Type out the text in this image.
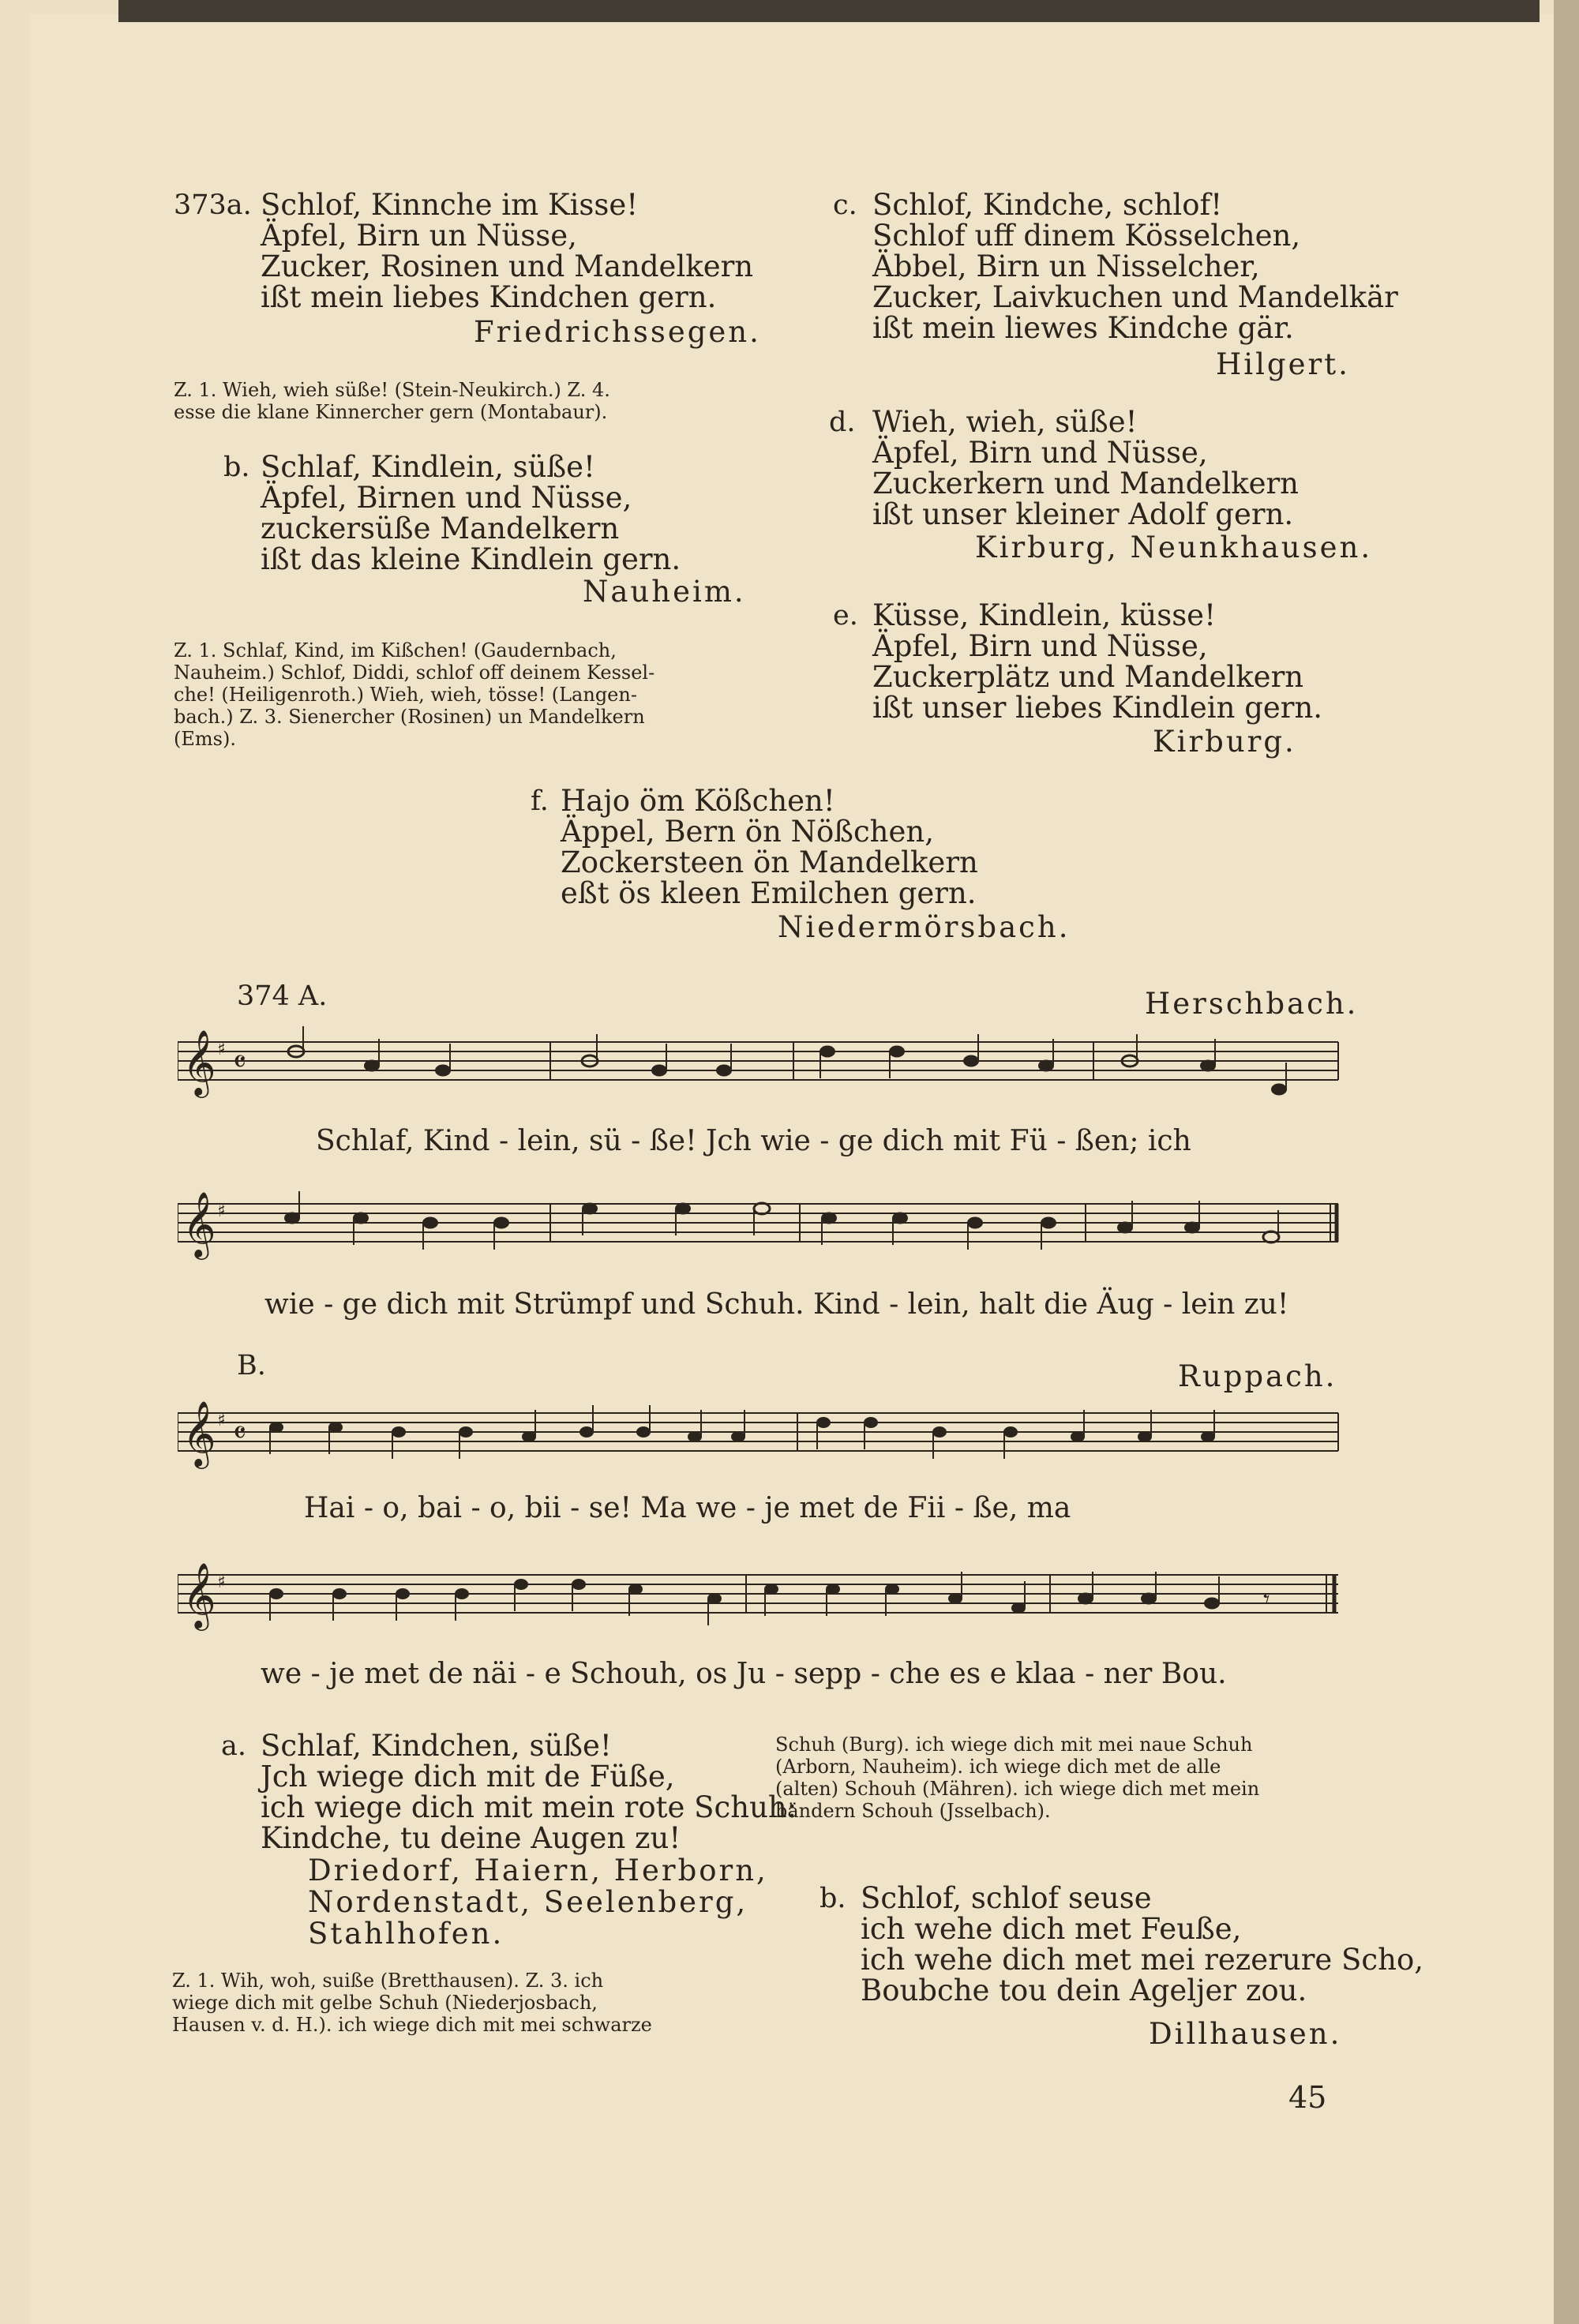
373a. Schlof, Kinnche im Kisse!
Äpfel, Birn un Nüsse,
Zucker, Rosinen und Mandelkern
ißt mein liebes Kindchen gern.
Friedrichssegen.
Z. 1. Wieh, wieh süße! (Stein-Neukirch.) Z. 4.
esse die klane Kinnercher gern (Montabaur).
b. Schlaf, Kindlein, süße!
Äpfel, Birnen und Nüsse,
zuckersüße Mandelkern
ißt das kleine Kindlein gern.
Nauheim.
Z. 1. Schlaf, Kind, im Kißchen! (Gaudernbach,
Nauheim.) Schlof, Diddi, schlof off deinem Kessel-
che! (Heiligenroth.) Wieh, wieh, tösse! (Langen-
bach.) Z. 3. Sienercher (Rosinen) un Mandelkern
(Ems).
c. Schlof, Kindche, schlof!
Schlof uff dinem Kösselchen,
Äbbel, Birn un Nisselcher,
Zucker, Laivkuchen und Mandelkär
ißt mein liewes Kindche gär.
Hilgert.
d. Wieh, wieh, süße!
Äpfel, Birn und Nüsse,
Zuckerkern und Mandelkern
ißt unser kleiner Adolf gern.
Kirburg, Neunkhausen.
e. Küsse, Kindlein, küsse!
Äpfel, Birn und Nüsse,
Zuckerplätz und Mandelkern
ißt unser liebes Kindlein gern.
Kirburg.
f. Hajo öm Kößchen!
Äppel, Bern ön Nößchen,
Zockersteen ön Mandelkern
eßt ös kleen Emilchen gern.
Niedermörsbach.
374 A.	Herschbach.
𝄞 ♯ 𝄴
Schlaf, Kind - lein, sü - ße! Jch wie - ge dich mit Fü - ßen; ich
𝄞 ♯
wie - ge dich mit Strümpf und Schuh. Kind - lein, halt die Äug - lein zu!
B.	Ruppach.
𝄞 ♯ 𝄴
Hai - o, bai - o, bii - se! Ma we - je met de Fii - ße, ma
𝄞 ♯
𝄾
we - je met de näi - e Schouh, os Ju - sepp - che es e klaa - ner Bou.
a. Schlaf, Kindchen, süße!
Jch wiege dich mit de Füße,
ich wiege dich mit mein rote Schuh:
Kindche, tu deine Augen zu!
Driedorf, Haiern, Herborn,
Nordenstadt, Seelenberg,
Stahlhofen.
Z. 1. Wih, woh, suiße (Bretthausen). Z. 3. ich
wiege dich mit gelbe Schuh (Niederjosbach,
Hausen v. d. H.). ich wiege dich mit mei schwarze
Schuh (Burg). ich wiege dich mit mei naue Schuh
(Arborn, Nauheim). ich wiege dich met de alle
(alten) Schouh (Mähren). ich wiege dich met mein
bändern Schouh (Jsselbach).
b. Schlof, schlof seuse
ich wehe dich met Feuße,
ich wehe dich met mei rezerure Scho,
Boubche tou dein Ageljer zou.
Dillhausen.
45
